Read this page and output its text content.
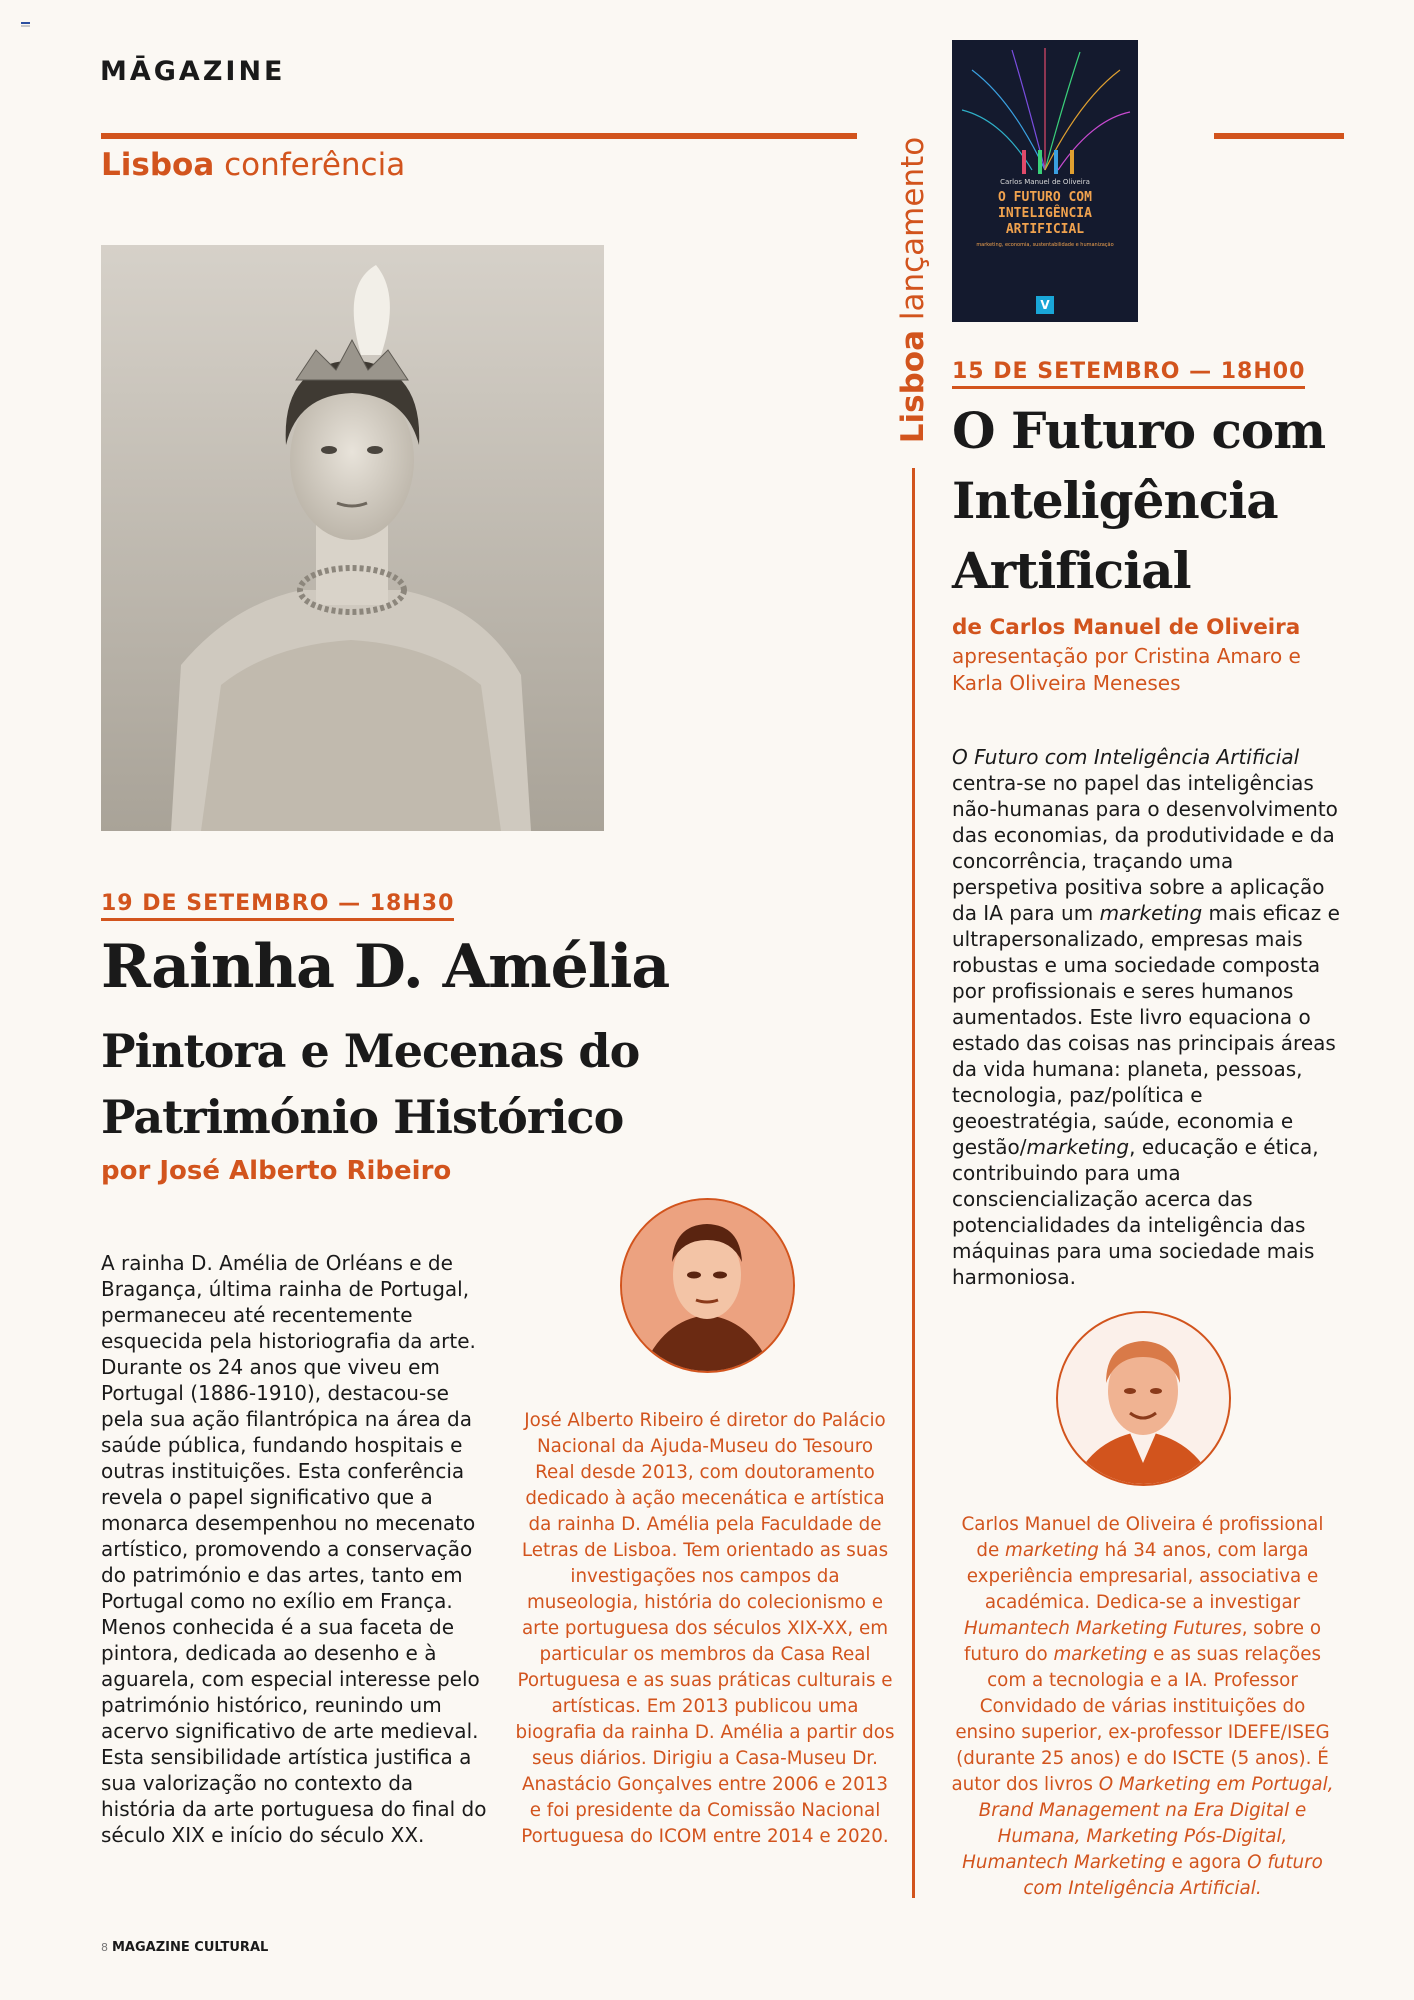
MĀGAZINE
Lisboa conferência
19 DE SETEMBRO — 18H30
Rainha D. Amélia
Pintora e Mecenas do Património Histórico
por José Alberto Ribeiro

A rainha D. Amélia de Orléans e de Bragança, última rainha de Portugal, permaneceu até recentemente esquecida pela historiografia da arte. Durante os 24 anos que viveu em Portugal (1886-1910), destacou-se pela sua ação filantrópica na área da saúde pública, fundando hospitais e outras instituições. Esta conferência revela o papel significativo que a monarca desempenhou no mecenato artístico, promovendo a conservação do património e das artes, tanto em Portugal como no exílio em França. Menos conhecida é a sua faceta de pintora, dedicada ao desenho e à aguarela, com especial interesse pelo património histórico, reunindo um acervo significativo de arte medieval. Esta sensibilidade artística justifica a sua valorização no contexto da história da arte portuguesa do final do século XIX e início do século XX.

José Alberto Ribeiro é diretor do Palácio Nacional da Ajuda-Museu do Tesouro Real desde 2013, com doutoramento dedicado à ação mecenática e artística da rainha D. Amélia pela Faculdade de Letras de Lisboa. Tem orientado as suas investigações nos campos da museologia, história do colecionismo e arte portuguesa dos séculos XIX-XX, em particular os membros da Casa Real Portuguesa e as suas práticas culturais e artísticas. Em 2013 publicou uma biografia da rainha D. Amélia a partir dos seus diários. Dirigiu a Casa-Museu Dr. Anastácio Gonçalves entre 2006 e 2013 e foi presidente da Comissão Nacional Portuguesa do ICOM entre 2014 e 2020.

Lisboa lançamento	Carlos Manuel de Oliveira
O FUTURO COM INTELIGÊNCIA ARTIFICIAL
marketing, economia, sustentabilidade e humanização
V
15 DE SETEMBRO — 18H00
O Futuro com Inteligência Artificial
de Carlos Manuel de Oliveira
apresentação por Cristina Amaro e Karla Oliveira Meneses

O Futuro com Inteligência Artificial centra-se no papel das inteligências não-humanas para o desenvolvimento das economias, da produtividade e da concorrência, traçando uma perspetiva positiva sobre a aplicação da IA para um marketing mais eficaz e ultrapersonalizado, empresas mais robustas e uma sociedade composta por profissionais e seres humanos aumentados. Este livro equaciona o estado das coisas nas principais áreas da vida humana: planeta, pessoas, tecnologia, paz/política e geoestratégia, saúde, economia e gestão/marketing, educação e ética, contribuindo para uma consciencialização acerca das potencialidades da inteligência das máquinas para uma sociedade mais harmoniosa.

Carlos Manuel de Oliveira é profissional de marketing há 34 anos, com larga experiência empresarial, associativa e académica. Dedica-se a investigar Humantech Marketing Futures, sobre o futuro do marketing e as suas relações com a tecnologia e a IA. Professor Convidado de várias instituições do ensino superior, ex-professor IDEFE/ISEG (durante 25 anos) e do ISCTE (5 anos). É autor dos livros O Marketing em Portugal, Brand Management na Era Digital e Humana, Marketing Pós-Digital, Humantech Marketing e agora O futuro com Inteligência Artificial.

8 MAGAZINE CULTURAL
